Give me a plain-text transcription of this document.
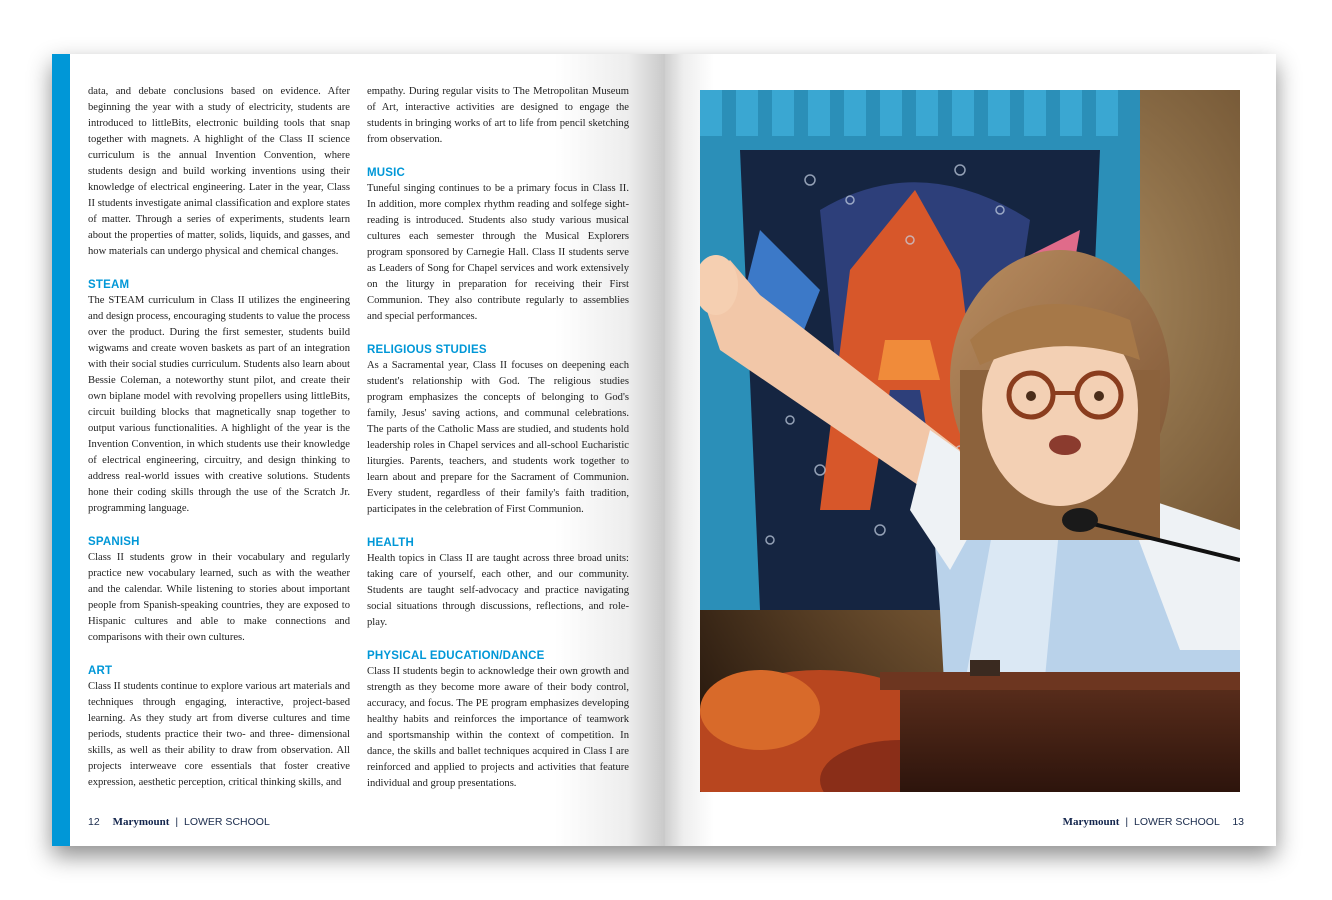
data, and debate conclusions based on evidence. After beginning the year with a study of electricity, students are introduced to littleBits, electronic building tools that snap together with magnets. A highlight of the Class II science curriculum is the annual Invention Convention, where students design and build working inventions using their knowledge of electrical engineering. Later in the year, Class II students investigate animal classification and explore states of matter. Through a series of experiments, students learn about the properties of matter, solids, liquids, and gasses, and how materials can undergo physical and chemical changes.

STEAM

The STEAM curriculum in Class II utilizes the engineering and design process, encouraging students to value the process over the product. During the first semester, students build wigwams and create woven baskets as part of an integration with their social studies curriculum. Students also learn about Bessie Coleman, a noteworthy stunt pilot, and create their own biplane model with revolving propellers using littleBits, circuit building blocks that magnetically snap together to output various functionalities. A highlight of the year is the Invention Convention, in which students use their knowledge of electrical engineering, circuitry, and design thinking to address real-world issues with creative solutions. Students hone their coding skills through the use of the Scratch Jr. programming language.

SPANISH

Class II students grow in their vocabulary and regularly practice new vocabulary learned, such as with the weather and the calendar. While listening to stories about important people from Spanish-speaking countries, they are exposed to Hispanic cultures and able to make connections and comparisons with their own cultures.

ART

Class II students continue to explore various art materials and techniques through engaging, interactive, project-based learning. As they study art from diverse cultures and time periods, students practice their two- and three- dimensional skills, as well as their ability to draw from observation. All projects interweave core essentials that foster creative expression, aesthetic perception, critical thinking skills, and

empathy. During regular visits to The Metropolitan Museum of Art, interactive activities are designed to engage the students in bringing works of art to life from pencil sketching from observation.

MUSIC

Tuneful singing continues to be a primary focus in Class II. In addition, more complex rhythm reading and solfege sight-reading is introduced. Students also study various musical cultures each semester through the Musical Explorers program sponsored by Carnegie Hall. Class II students serve as Leaders of Song for Chapel services and work extensively on the liturgy in preparation for receiving their First Communion. They also contribute regularly to assemblies and special performances.

RELIGIOUS STUDIES

As a Sacramental year, Class II focuses on deepening each student's relationship with God. The religious studies program emphasizes the concepts of belonging to God's family, Jesus' saving actions, and communal celebrations. The parts of the Catholic Mass are studied, and students hold leadership roles in Chapel services and all-school Eucharistic liturgies. Parents, teachers, and students work together to learn about and prepare for the Sacrament of Communion. Every student, regardless of their family's faith tradition, participates in the celebration of First Communion.

HEALTH

Health topics in Class II are taught across three broad units: taking care of yourself, each other, and our community. Students are taught self-advocacy and practice navigating social situations through discussions, reflections, and role-play.

PHYSICAL EDUCATION/DANCE

Class II students begin to acknowledge their own growth and strength as they become more aware of their body control, accuracy, and focus. The PE program emphasizes developing healthy habits and reinforces the importance of teamwork and sportsmanship within the context of competition. In dance, the skills and ballet techniques acquired in Class I are reinforced and applied to projects and activities that feature individual and group presentations.

12 Marymount | LOWER SCHOOL	Marymount | LOWER SCHOOL 13
